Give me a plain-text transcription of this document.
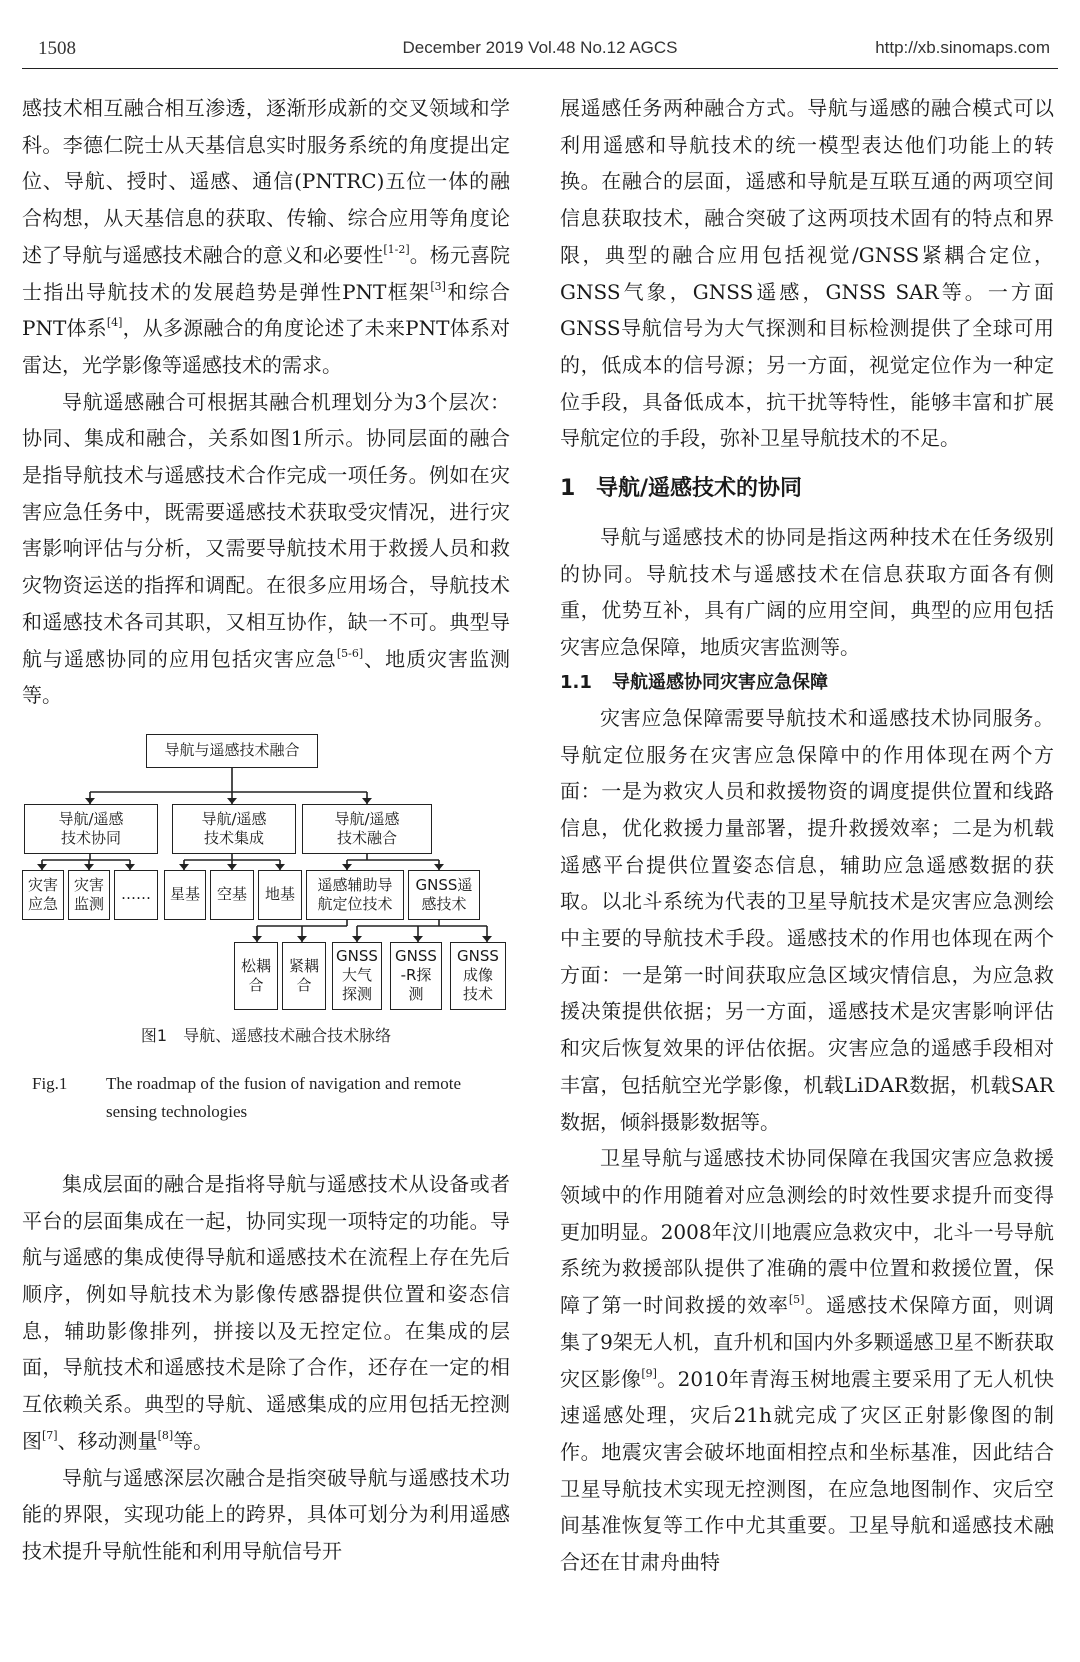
1508	December 2019 Vol.48 No.12 AGCS	http://xb.sinomaps.com

感技术相互融合相互渗透，逐渐形成新的交叉领域和学科。李德仁院士从天基信息实时服务系统的角度提出定位、导航、授时、遥感、通信(PNTRC)五位一体的融合构想，从天基信息的获取、传输、综合应用等角度论述了导航与遥感技术融合的意义和必要性[1-2]。杨元喜院士指出导航技术的发展趋势是弹性PNT框架[3]和综合PNT体系[4]，从多源融合的角度论述了未来PNT体系对雷达，光学影像等遥感技术的需求。

导航遥感融合可根据其融合机理划分为3个层次：协同、集成和融合，关系如图1所示。协同层面的融合是指导航技术与遥感技术合作完成一项任务。例如在灾害应急任务中，既需要遥感技术获取受灾情况，进行灾害影响评估与分析，又需要导航技术用于救援人员和救灾物资运送的指挥和调配。在很多应用场合，导航技术和遥感技术各司其职，又相互协作，缺一不可。典型导航与遥感协同的应用包括灾害应急[5-6]、地质灾害监测等。

导航与遥感技术融合
导航/遥感
技术协同
导航/遥感
技术集成
导航/遥感
技术融合
灾害
应急
灾害
监测
……	星基	空基	地基
遥感辅助导
航定位技术
GNSS遥
感技术
松耦
合
紧耦
合
GNSS
大气
探测
GNSS
-R探
测
GNSS
成像
技术
图1　导航、遥感技术融合技术脉络
Fig.1	The roadmap of the fusion of navigation and remote sensing technologies

集成层面的融合是指将导航与遥感技术从设备或者平台的层面集成在一起，协同实现一项特定的功能。导航与遥感的集成使得导航和遥感技术在流程上存在先后顺序，例如导航技术为影像传感器提供位置和姿态信息，辅助影像排列，拼接以及无控定位。在集成的层面，导航技术和遥感技术是除了合作，还存在一定的相互依赖关系。典型的导航、遥感集成的应用包括无控测图[7]、移动测量[8]等。

导航与遥感深层次融合是指突破导航与遥感技术功能的界限，实现功能上的跨界，具体可划分为利用遥感技术提升导航性能和利用导航信号开

展遥感任务两种融合方式。导航与遥感的融合模式可以利用遥感和导航技术的统一模型表达他们功能上的转换。在融合的层面，遥感和导航是互联互通的两项空间信息获取技术，融合突破了这两项技术固有的特点和界限，典型的融合应用包括视觉/GNSS紧耦合定位，GNSS气象，GNSS遥感，GNSS SAR等。一方面GNSS导航信号为大气探测和目标检测提供了全球可用的，低成本的信号源；另一方面，视觉定位作为一种定位手段，具备低成本，抗干扰等特性，能够丰富和扩展导航定位的手段，弥补卫星导航技术的不足。

1 导航/遥感技术的协同

导航与遥感技术的协同是指这两种技术在任务级别的协同。导航技术与遥感技术在信息获取方面各有侧重，优势互补，具有广阔的应用空间，典型的应用包括灾害应急保障，地质灾害监测等。

1.1 导航遥感协同灾害应急保障

灾害应急保障需要导航技术和遥感技术协同服务。导航定位服务在灾害应急保障中的作用体现在两个方面：一是为救灾人员和救援物资的调度提供位置和线路信息，优化救援力量部署，提升救援效率；二是为机载遥感平台提供位置姿态信息，辅助应急遥感数据的获取。以北斗系统为代表的卫星导航技术是灾害应急测绘中主要的导航技术手段。遥感技术的作用也体现在两个方面：一是第一时间获取应急区域灾情信息，为应急救援决策提供依据；另一方面，遥感技术是灾害影响评估和灾后恢复效果的评估依据。灾害应急的遥感手段相对丰富，包括航空光学影像，机载LiDAR数据，机载SAR数据，倾斜摄影数据等。

卫星导航与遥感技术协同保障在我国灾害应急救援领域中的作用随着对应急测绘的时效性要求提升而变得更加明显。2008年汶川地震应急救灾中，北斗一号导航系统为救援部队提供了准确的震中位置和救援位置，保障了第一时间救援的效率[5]。遥感技术保障方面，则调集了9架无人机，直升机和国内外多颗遥感卫星不断获取灾区影像[9]。2010年青海玉树地震主要采用了无人机快速遥感处理，灾后21h就完成了灾区正射影像图的制作。地震灾害会破坏地面相控点和坐标基准，因此结合卫星导航技术实现无控测图，在应急地图制作、灾后空间基准恢复等工作中尤其重要。卫星导航和遥感技术融合还在甘肃舟曲特
